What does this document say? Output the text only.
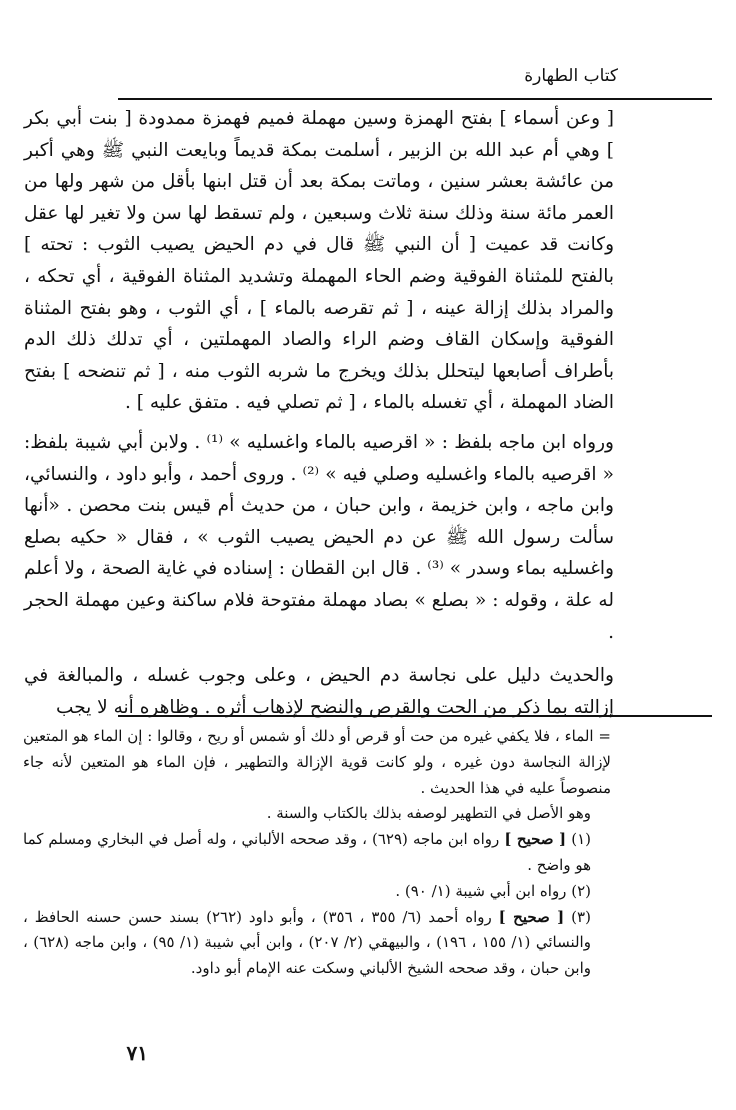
كتاب الطهارة

[ وعن أسماء ] بفتح الهمزة وسين مهملة فميم فهمزة ممدودة [ بنت أبي بكر ] وهي أم عبد الله بن الزبير ، أسلمت بمكة قديماً وبايعت النبي ﷺ وهي أكبر من عائشة بعشر سنين ، وماتت بمكة بعد أن قتل ابنها بأقل من شهر ولها من العمر مائة سنة وذلك سنة ثلاث وسبعين ، ولم تسقط لها سن ولا تغير لها عقل وكانت قد عميت [ أن النبي ﷺ قال في دم الحيض يصيب الثوب : تحته ] بالفتح للمثناة الفوقية وضم الحاء المهملة وتشديد المثناة الفوقية ، أي تحكه ، والمراد بذلك إزالة عينه ، [ ثم تقرصه بالماء ] ، أي الثوب ، وهو بفتح المثناة الفوقية وإسكان القاف وضم الراء والصاد المهملتين ، أي تدلك ذلك الدم بأطراف أصابعها ليتحلل بذلك ويخرج ما شربه الثوب منه ، [ ثم تنضحه ] بفتح الضاد المهملة ، أي تغسله بالماء ، [ ثم تصلي فيه . متفق عليه ] .

ورواه ابن ماجه بلفظ : « اقرصيه بالماء واغسليه » ⁽¹⁾ . ولابن أبي شيبة بلفظ: « اقرصيه بالماء واغسليه وصلي فيه » ⁽²⁾ . وروى أحمد ، وأبو داود ، والنسائي، وابن ماجه ، وابن خزيمة ، وابن حبان ، من حديث أم قيس بنت محصن . «أنها سألت رسول الله ﷺ عن دم الحيض يصيب الثوب » ، فقال « حكيه بصلع واغسليه بماء وسدر » ⁽³⁾ . قال ابن القطان : إسناده في غاية الصحة ، ولا أعلم له علة ، وقوله : « بصلع » بصاد مهملة مفتوحة فلام ساكنة وعين مهملة الحجر .

والحديث دليل على نجاسة دم الحيض ، وعلى وجوب غسله ، والمبالغة في إزالته بما ذكر من الحت والقرص والنضح لإذهاب أثره . وظاهره أنه لا يجب

= الماء ، فلا يكفي غيره من حت أو قرص أو دلك أو شمس أو ريح ، وقالوا : إن الماء هو المتعين لإزالة النجاسة دون غيره ، ولو كانت قوية الإزالة والتطهير ، فإن الماء هو المتعين لأنه جاء منصوصاً عليه في هذا الحديث .

وهو الأصل في التطهير لوصفه بذلك بالكتاب والسنة .

(١) [ صحيح ] رواه ابن ماجه (٦٢٩) ، وقد صححه الألباني ، وله أصل في البخاري ومسلم كما هو واضح .

(٢) رواه ابن أبي شيبة (١/ ٩٠) .

(٣) [ صحيح ] رواه أحمد (٦/ ٣٥٥ ، ٣٥٦) ، وأبو داود (٢٦٢) بسند حسن حسنه الحافظ ، والنسائي (١/ ١٥٥ ، ١٩٦) ، والبيهقي (٢/ ٢٠٧) ، وابن أبي شيبة (١/ ٩٥) ، وابن ماجه (٦٢٨) ، وابن حبان ، وقد صححه الشيخ الألباني وسكت عنه الإمام أبو داود.

٧١
